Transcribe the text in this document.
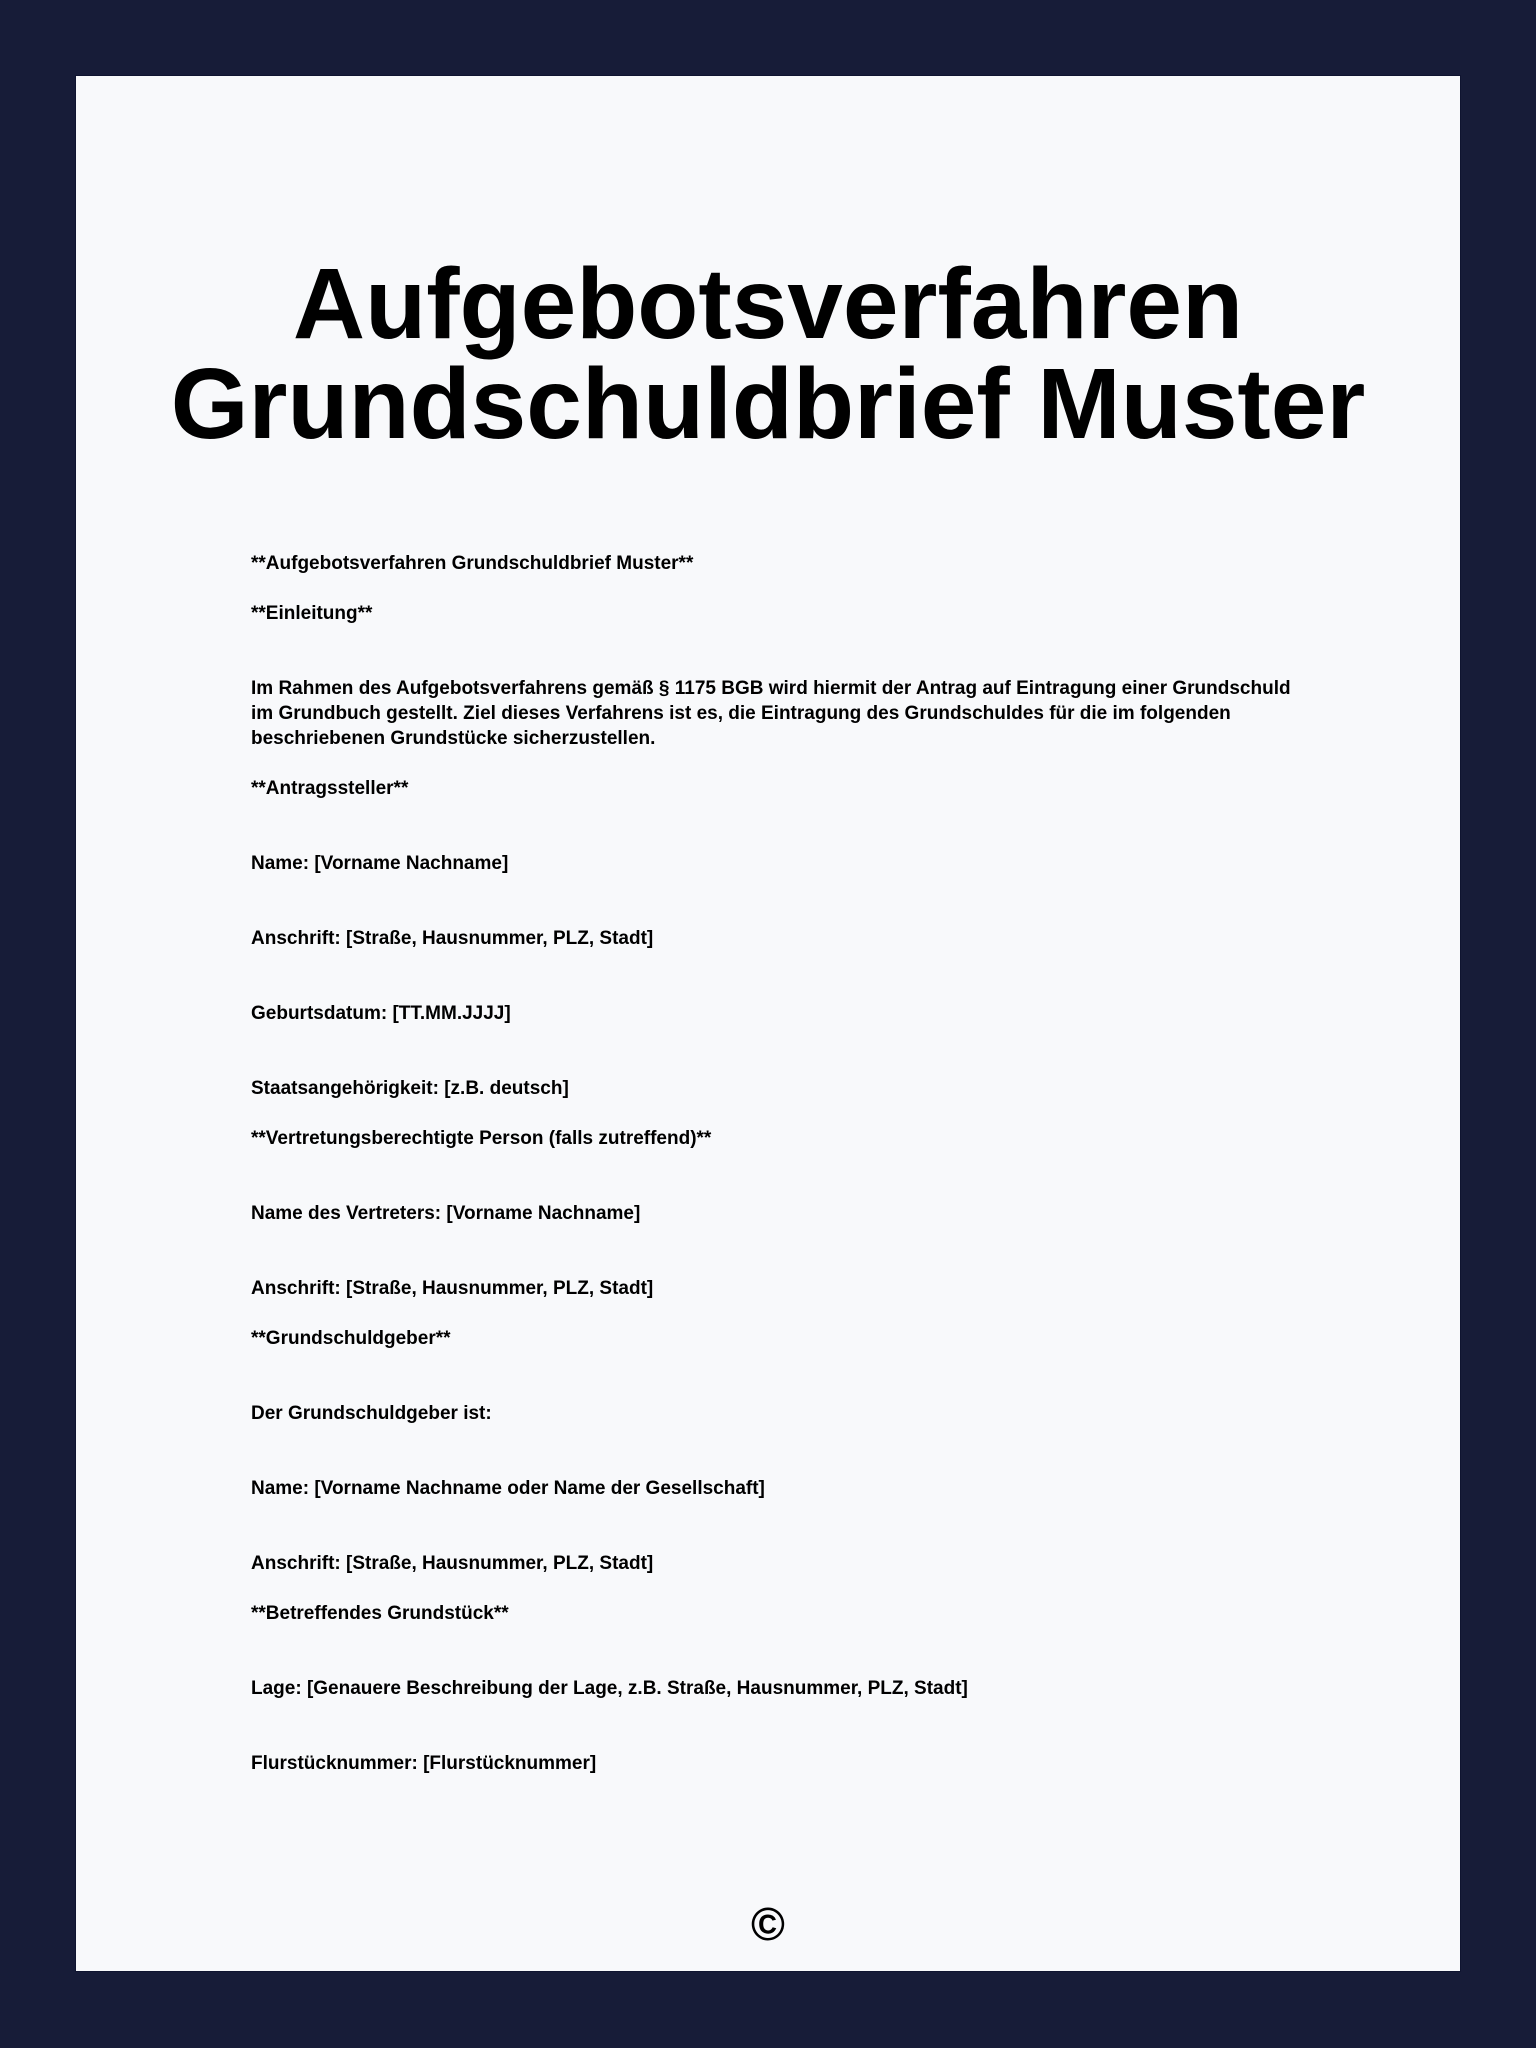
Aufgebotsverfahren
Grundschuldbrief Muster
**Aufgebotsverfahren Grundschuldbrief Muster**
**Einleitung**
Im Rahmen des Aufgebotsverfahrens gemäß § 1175 BGB wird hiermit der Antrag auf Eintragung einer Grundschuld im Grundbuch gestellt. Ziel dieses Verfahrens ist es, die Eintragung des Grundschuldes für die im folgenden beschriebenen Grundstücke sicherzustellen.
**Antragssteller**
Name: [Vorname Nachname]
Anschrift: [Straße, Hausnummer, PLZ, Stadt]
Geburtsdatum: [TT.MM.JJJJ]
Staatsangehörigkeit: [z.B. deutsch]
**Vertretungsberechtigte Person (falls zutreffend)**
Name des Vertreters: [Vorname Nachname]
Anschrift: [Straße, Hausnummer, PLZ, Stadt]
**Grundschuldgeber**
Der Grundschuldgeber ist:
Name: [Vorname Nachname oder Name der Gesellschaft]
Anschrift: [Straße, Hausnummer, PLZ, Stadt]
**Betreffendes Grundstück**
Lage: [Genauere Beschreibung der Lage, z.B. Straße, Hausnummer, PLZ, Stadt]
Flurstücknummer: [Flurstücknummer]
©
